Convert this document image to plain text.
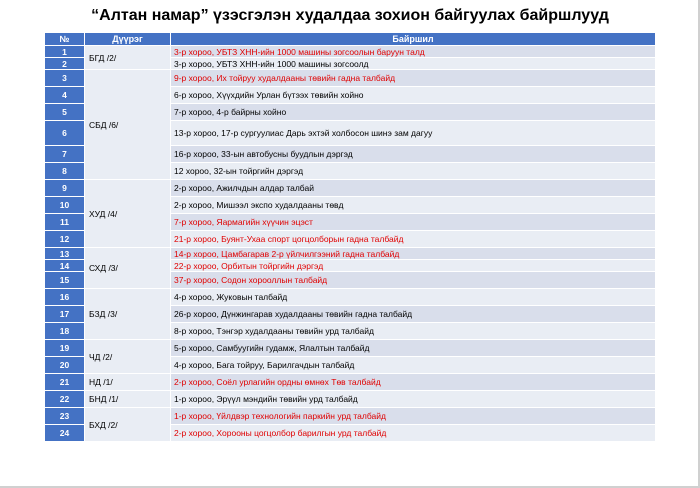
“Алтан намар” үзэсгэлэн худалдаа зохион байгуулах байршлууд
№	Дүүрэг	Байршил
1	БГД /2/	3-р хороо, УБТЗ ХНН-ийн 1000 машины зогсоолын баруун талд
2		3-р хороо, УБТЗ ХНН-ийн 1000 машины зогсоолд
3	СБД /6/	9-р хороо, Их тойруу худалдааны төвийн гадна талбайд
4		6-р хороо, Хүүхдийн Урлан бүтээх төвийн хойно
5		7-р хороо, 4-р байрны хойно
6		13-р хороо, 17-р сургуулиас Дарь эхтэй холбосон шинэ зам дагуу
7		16-р хороо, 33-ын автобусны буудлын дэргэд
8		12 хороо, 32-ын тойргийн дэргэд
9	ХУД /4/	2-р хороо, Ажилчдын алдар талбай
10		2-р хороо, Мишээл экспо худалдааны төвд
11		7-р хороо, Яармагийн хүүчин эцэст
12		21-р хороо, Буянт-Ухаа спорт цогцолборын гадна талбайд
13	СХД /3/	14-р хороо, Цамбагарав 2-р үйлчилгээний гадна талбайд
14		22-р хороо, Орбитын тойргийн дэргэд
15		37-р хороо, Содон хорооллын талбайд
16	БЗД /3/	4-р хороо, Жуковын талбайд
17		26-р хороо, Дүнжингарав худалдааны төвийн гадна талбайд
18		8-р хороо, Тэнгэр худалдааны төвийн урд талбайд
19	ЧД /2/	5-р хороо, Самбуугийн гудамж, Ялалтын талбайд
20		4-р хороо, Бага тойруу, Барилгачдын талбайд
21	НД /1/	2-р хороо, Соёл урлагийн ордны өмнөх Төв талбайд
22	БНД /1/	1-р хороо, Эрүүл мэндийн төвийн урд талбайд
23	БХД /2/	1-р хороо, Үйлдвэр технологийн паркийн урд талбайд
24		2-р хороо, Хорооны цогцолбор барилгын урд талбайд
